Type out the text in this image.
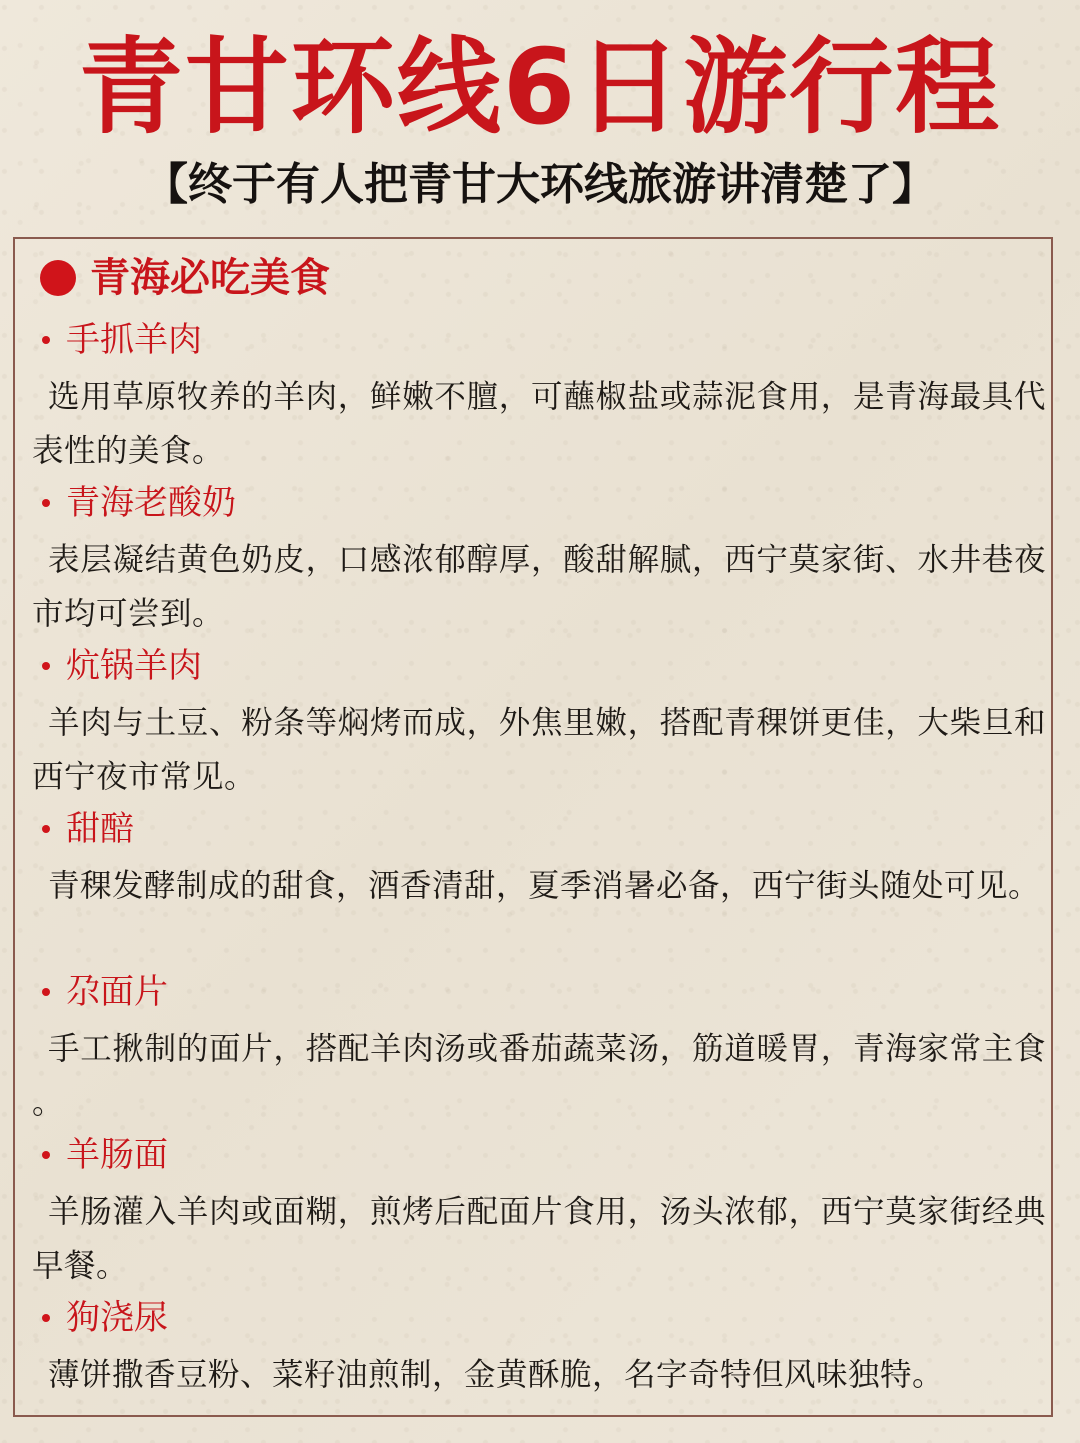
青甘环线6日游行程
【终于有人把青甘大环线旅游讲清楚了】
青海必吃美食
手抓羊肉
选用草原牧养的羊肉，鲜嫩不膻，可蘸椒盐或蒜泥食用，是青海最具代表性的美食。
青海老酸奶
表层凝结黄色奶皮，口感浓郁醇厚，酸甜解腻，西宁莫家街、水井巷夜市均可尝到。
炕锅羊肉
羊肉与土豆、粉条等焖烤而成，外焦里嫩，搭配青稞饼更佳，大柴旦和西宁夜市常见。
甜醅
青稞发酵制成的甜食，酒香清甜，夏季消暑必备，西宁街头随处可见。
尕面片
手工揪制的面片，搭配羊肉汤或番茄蔬菜汤，筋道暖胃，青海家常主食。
羊肠面
羊肠灌入羊肉或面糊，煎烤后配面片食用，汤头浓郁，西宁莫家街经典早餐。
狗浇尿
薄饼撒香豆粉、菜籽油煎制，金黄酥脆，名字奇特但风味独特。
